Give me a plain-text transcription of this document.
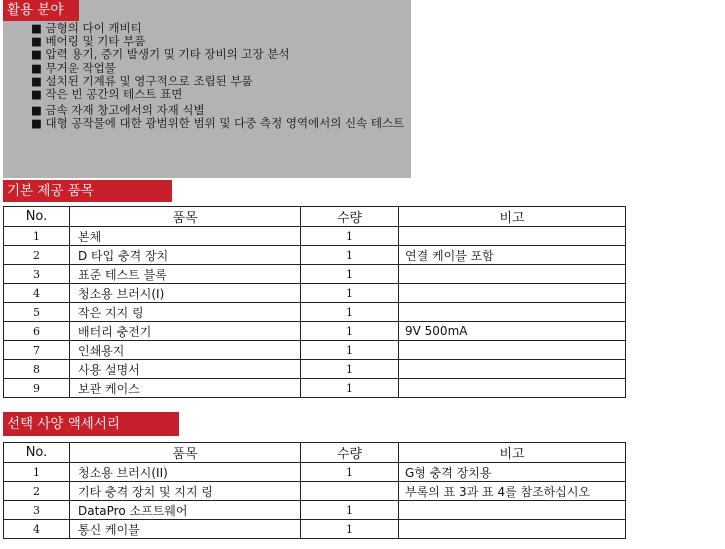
활용 분야
■ 금형의 다이 캐비티
■ 베어링 및 기타 부품
■ 압력 용기, 증기 발생기 및 기타 장비의 고장 분석
■ 무거운 작업물
■ 설치된 기계류 및 영구적으로 조립된 부품
■ 작은 빈 공간의 테스트 표면
■ 금속 자재 창고에서의 자재 식별
■ 대형 공작물에 대한 광범위한 범위 및 다중 측정 영역에서의 신속 테스트
기본 제공 품목
No.	품목	수량	비고
1	본체	1	
2	D 타입 충격 장치	1	연결 케이블 포함
3	표준 테스트 블록	1	
4	청소용 브러시(I)	1	
5	작은 지지 링	1	
6	배터리 충전기	1	9V 500mA
7	인쇄용지	1	
8	사용 설명서	1	
9	보관 케이스	1	
선택 사양 액세서리
No.	품목	수량	비고
1	청소용 브러시(II)	1	G형 충격 장치용
2	기타 충격 장치 및 지지 링		부록의 표 3과 표 4를 참조하십시오
3	DataPro 소프트웨어	1	
4	통신 케이블	1	
